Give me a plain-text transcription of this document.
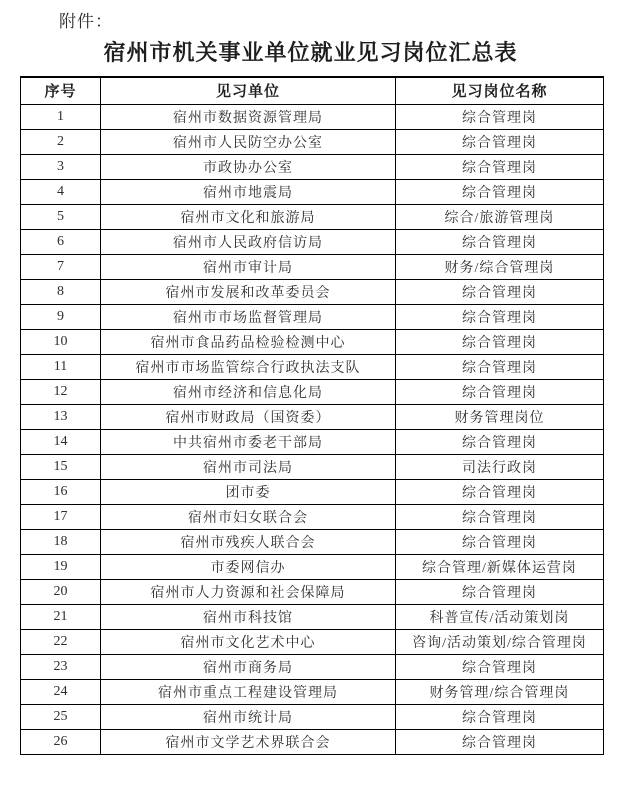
附件：
宿州市机关事业单位就业见习岗位汇总表
序号	见习单位	见习岗位名称
1	宿州市数据资源管理局	综合管理岗
2	宿州市人民防空办公室	综合管理岗
3	市政协办公室	综合管理岗
4	宿州市地震局	综合管理岗
5	宿州市文化和旅游局	综合/旅游管理岗
6	宿州市人民政府信访局	综合管理岗
7	宿州市审计局	财务/综合管理岗
8	宿州市发展和改革委员会	综合管理岗
9	宿州市市场监督管理局	综合管理岗
10	宿州市食品药品检验检测中心	综合管理岗
11	宿州市市场监管综合行政执法支队	综合管理岗
12	宿州市经济和信息化局	综合管理岗
13	宿州市财政局（国资委）	财务管理岗位
14	中共宿州市委老干部局	综合管理岗
15	宿州市司法局	司法行政岗
16	团市委	综合管理岗
17	宿州市妇女联合会	综合管理岗
18	宿州市残疾人联合会	综合管理岗
19	市委网信办	综合管理/新媒体运营岗
20	宿州市人力资源和社会保障局	综合管理岗
21	宿州市科技馆	科普宣传/活动策划岗
22	宿州市文化艺术中心	咨询/活动策划/综合管理岗
23	宿州市商务局	综合管理岗
24	宿州市重点工程建设管理局	财务管理/综合管理岗
25	宿州市统计局	综合管理岗
26	宿州市文学艺术界联合会	综合管理岗
